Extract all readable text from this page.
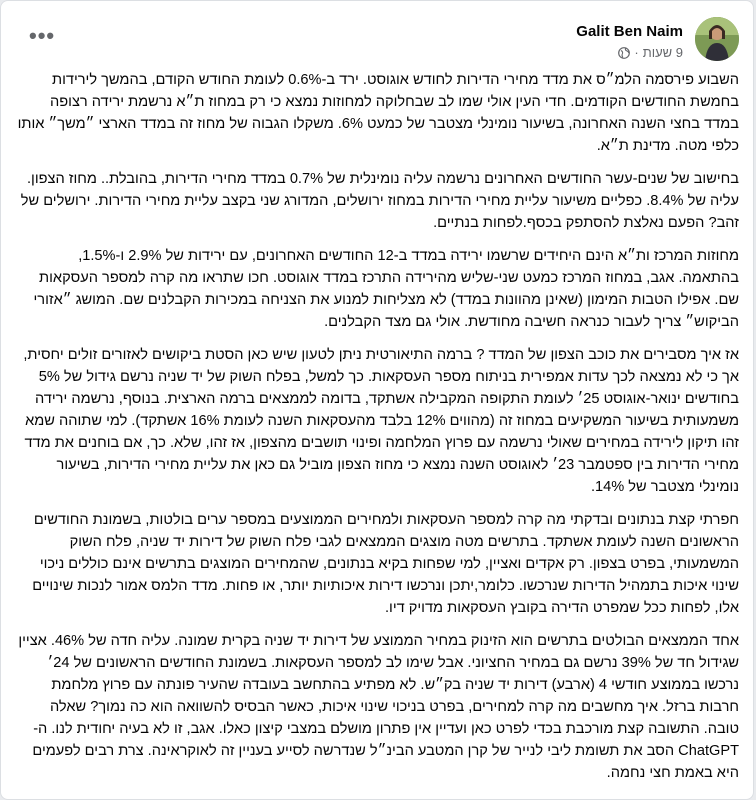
•••	Galit Ben Naim
9 שעות
·

השבוע פירסמה הלמ״ס את מדד מחירי הדירות לחודש אוגוסט. ירד ב-0.6% לעומת החודש הקודם, בהמשך לירידות בחמשת החודשים הקודמים. חדי העין אולי שמו לב שבחלוקה למחוזות נמצא כי רק במחוז ת״א נרשמת ירידה רצופה במדד בחצי השנה האחרונה, בשיעור נומינלי מצטבר של כמעט 6%. משקלו הגבוה של מחוז זה במדד הארצי ״משך״ אותו כלפי מטה. מדינת ת״א.

בחישוב של שנים-עשר החודשים האחרונים נרשמה עליה נומינלית של 0.7% במדד מחירי הדירות, בהובלת.. מחוז הצפון. עליה של 8.4%. כפליים משיעור עליית מחירי הדירות במחוז ירושלים, המדורג שני בקצב עליית מחירי הדירות. ירושלים של זהב? הפעם נאלצת להסתפק בכסף.לפחות בנתיים.

מחוזות המרכז ות״א הינם היחידים שרשמו ירידה במדד ב-12 החודשים האחרונים, עם ירידות של 2.9% ו-1.5%, בהתאמה. אגב, במחוז המרכז כמעט שני-שליש מהירידה התרכז במדד אוגוסט. חכו שתראו מה קרה למספר העסקאות שם. אפילו הטבות המימון (שאינן מהוונות במדד) לא מצליחות למנוע את הצניחה במכירות הקבלנים שם. המושג ״אזורי הביקוש״ צריך לעבור כנראה חשיבה מחודשת. אולי גם מצד הקבלנים.

אז איך מסבירים את כוכב הצפון של המדד ? ברמה התיאורטית ניתן לטעון שיש כאן הסטת ביקושים לאזורים זולים יחסית, אך כי לא נמצאה לכך עדות אמפירית בניתוח מספר העסקאות. כך למשל, בפלח השוק של יד שניה נרשם גידול של 5% בחודשים ינואר-אוגוסט 25׳ לעומת התקופה המקבילה אשתקד, בדומה לממצאים ברמה הארצית. בנוסף, נרשמה ירידה משמעותית בשיעור המשקיעים במחוז זה (מהווים 12% בלבד מהעסקאות השנה לעומת 16% אשתקד). למי שתוהה שמא זהו תיקון לירידה במחירים שאולי נרשמה עם פרוץ המלחמה ופינוי תושבים מהצפון, אז זהו, שלא. כך, אם בוחנים את מדד מחירי הדירות בין ספטמבר 23׳ לאוגוסט השנה נמצא כי מחוז הצפון מוביל גם כאן את עליית מחירי הדירות, בשיעור נומינלי מצטבר של 14%.

חפרתי קצת בנתונים ובדקתי מה קרה למספר העסקאות ולמחירים הממוצעים במספר ערים בולטות, בשמונת החודשים הראשונים השנה לעומת אשתקד. בתרשים מטה מוצגים הממצאים לגבי פלח השוק של דירות יד שניה, פלח השוק המשמעותי, בפרט בצפון. רק אקדים ואציין, למי שפחות בקיא בנתונים, שהמחירים המוצגים בתרשים אינם כוללים ניכוי שינוי איכות בתמהיל הדירות שנרכשו. כלומר,יתכן ונרכשו דירות איכותיות יותר, או פחות. מדד הלמס אמור לנכות שינויים אלו, לפחות ככל שמפרט הדירה בקובץ העסקאות מדויק דיו.

אחד הממצאים הבולטים בתרשים הוא הזינוק במחיר הממוצע של דירות יד שניה בקרית שמונה. עליה חדה של 46%. אציין שגידול חד של 39% נרשם גם במחיר החציוני. אבל שימו לב למספר העסקאות. בשמונת החודשים הראשונים של 24׳ נרכשו בממוצע חודשי 4 (ארבע) דירות יד שניה בק״ש. לא מפתיע בהתחשב בעובדה שהעיר פונתה עם פרוץ מלחמת חרבות ברזל. איך מחשבים מה קרה למחירים, בפרט בניכוי שינוי איכות, כאשר הבסיס להשוואה הוא כה נמוך? שאלה טובה. התשובה קצת מורכבת בכדי לפרט כאן ועדיין אין פתרון מושלם במצבי קיצון כאלו. אגב, זו לא בעיה יחודית לנו. ה-ChatGPT הסב את תשומת ליבי לנייר של קרן המטבע הבינ״ל שנדרשה לסייע בעניין זה לאוקראינה. צרת רבים לפעמים היא באמת חצי נחמה.
